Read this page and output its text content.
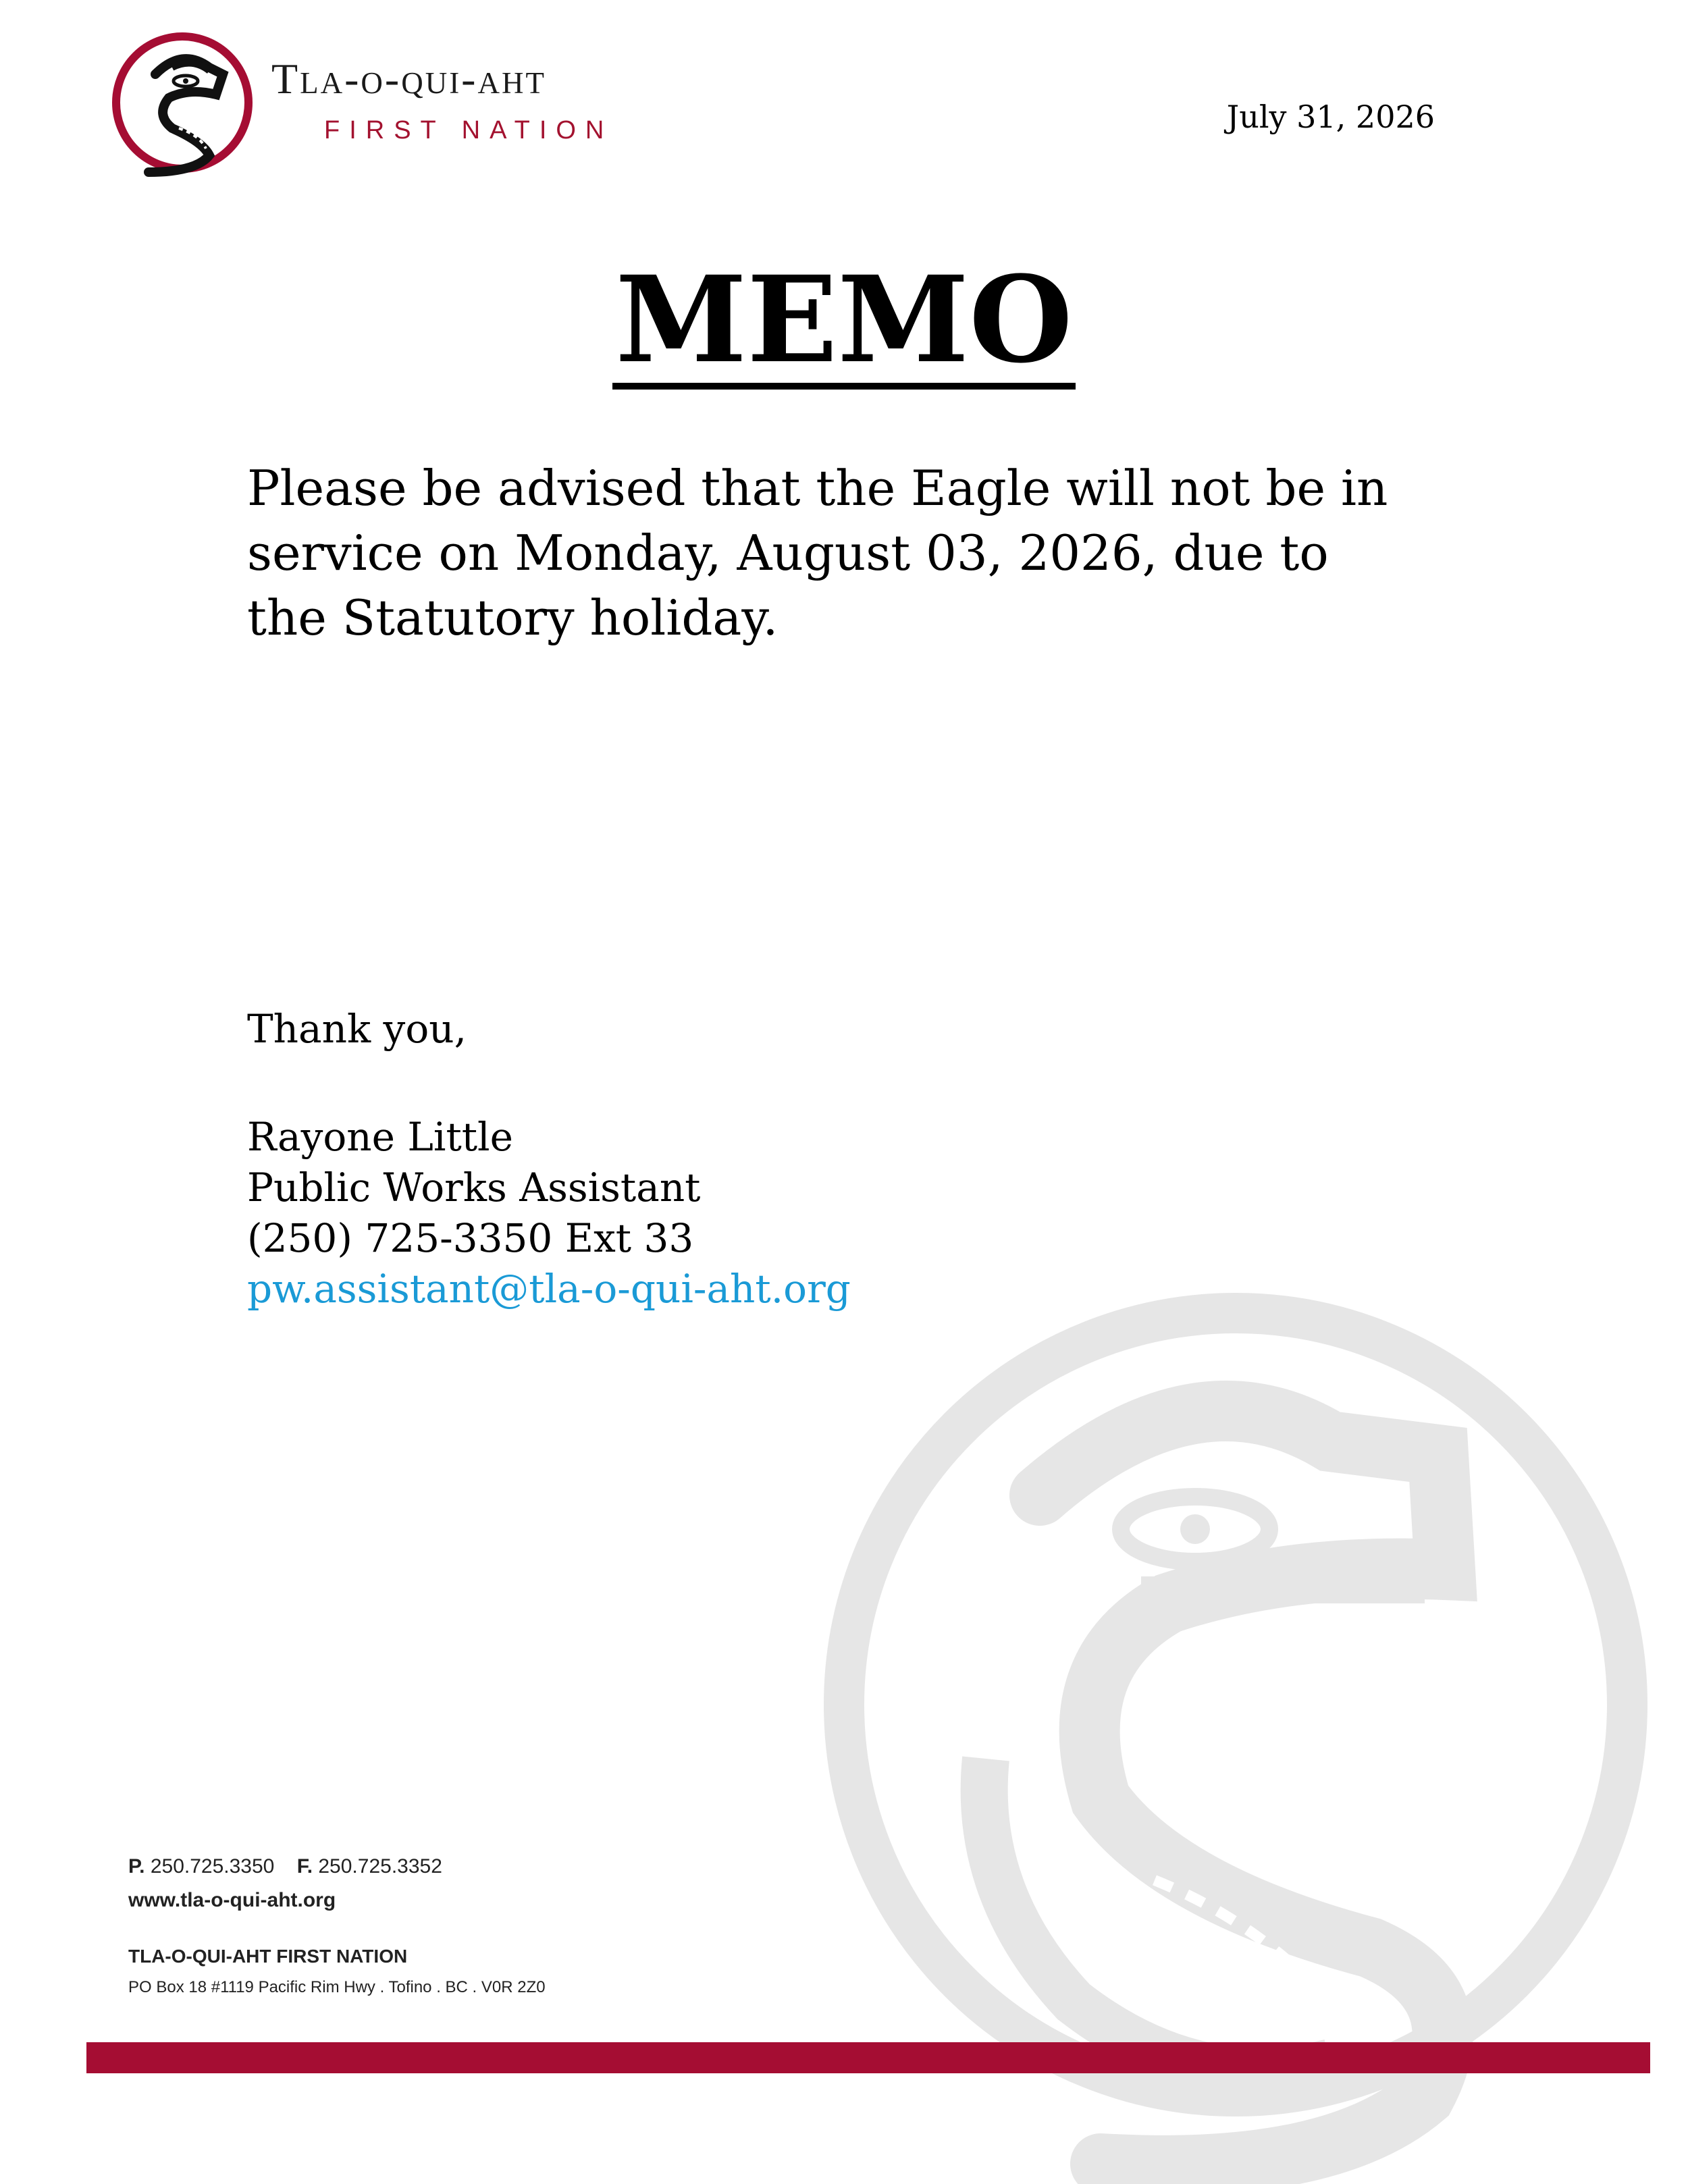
Tla-o-qui-aht
FIRST NATION	July 31, 2026
MEMO
Please be advised that the Eagle will not be in service on Monday, August 03, 2026, due to the Statutory holiday.
Thank you,
Rayone Little
Public Works Assistant
(250) 725-3350 Ext 33
pw.assistant@tla-o-qui-aht.org
P. 250.725.3350 F. 250.725.3352
www.tla-o-qui-aht.org
TLA-O-QUI-AHT FIRST NATION
PO Box 18 #1119 Pacific Rim Hwy . Tofino . BC . V0R 2Z0
